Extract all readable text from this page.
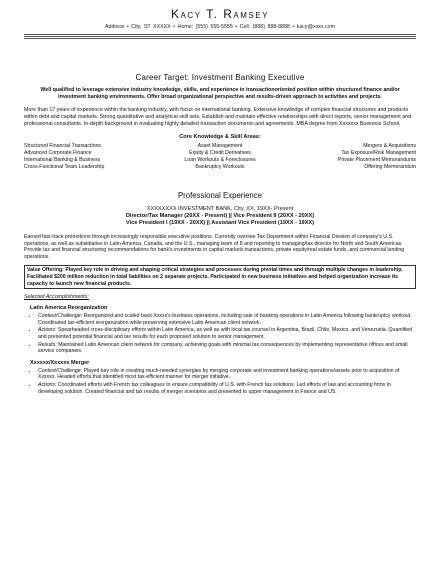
Kacy T. Ramsey
Address • City, ST XXXXX • Home: (555) 555-5555 • Cell: (888) 888-8888 • kacy@xxxx.com
Career Target: Investment Banking Executive
Well qualified to leverage extensive industry knowledge, skills, and experience in transactionoriented position within structured finance and/or investment banking environments. Offer broad organizational perspective and results-driven approach to activities and projects.
More than 17 years of experience within the banking industry, with focus on international banking. Extensive knowledge of complex financial structures and products within debt and capital markets. Strong quantitative and analytical skill sets. Establish and maintain effective relationships with direct reports, senior management and professional consultants. In-depth background in evaluating highly detailed transaction documents and agreements. MBA degree from Xxxxxxx Business School.
Core Knowledge & Skill Areas:
Structured Financial Transactions
Advanced Corporate Finance
International Banking & Business
Cross-Functional Team Leadership
Asset Management
Equity & Credit Derivatives
Loan Workouts & Foreclosures
Bankruptcy Workouts
Mergers & Acquisitions
Tax Exposure/Risk Management
Private Placement Memorandums
Offering Memorandum
Professional Experience
XXXXXXXX INVESTMENT BANK, City, XX, 19XX- Present
Director/Tax Manager (20XX - Present) || Vice President II (20XX - 20XX)
Vice President I (19XX - 20XX) || Assistant Vice President (19XX - 19XX)
Earned fast-track promotions through increasingly responsible executive positions. Currently oversee Tax Department within Financial Division of company's U.S. operations, as well as subsidiaries in Latin America, Canada, and the U.S., managing team of 8 and reporting to managing/tax director for North and South Americas. Provide tax and financial structuring recommendations for bank's investments in capital markets transactions, private equity/real estate funds, and commercial lending operations.
Value Offering: Played key role in driving and shaping critical strategies and processes during pivotal times and through multiple changes in leadership. Facilitated $200 million reduction in total liabilities on 2 separate projects. Participated in new business initiatives and helped organization increase its capacity to launch new financial products.
Selected Accomplishments:
Latin America Reorganization
• Context/Challenge: Reorganized and scaled back Xxxxx's business operations, including sale of banking operations in Latin America following bankruptcy workout. Coordinated tax-efficient reorganization while preserving extensive Latin American client network.
• Actions: Spearheaded cross-disciplinary efforts within Latin America, as well as with local tax counsel in Argentina, Brazil, Chile, Mexico, and Venezuela. Quantified and presented potential financial and tax results for each proposed solution to senior management.
• Results: Maintained Latin American client network for company, achieving goals with minimal tax consequences by implementing representative offices and small service companies.
Xxxxxx/Xxxxxx Merger
• Context/Challenge: Played key role in creating much-needed synergies by merging corporate and investment banking operations/assets prior to acquisition of Xxxxxx. Headed efforts that identified most tax-efficient manner for merger initiative.
• Actions: Coordinated efforts with French tax colleagues to ensure compatibility of U.S. with French tax solutions. Led efforts of law and accounting firms in developing solution. Created financial and tax results of merger scenarios and presented to upper management in France and US.
